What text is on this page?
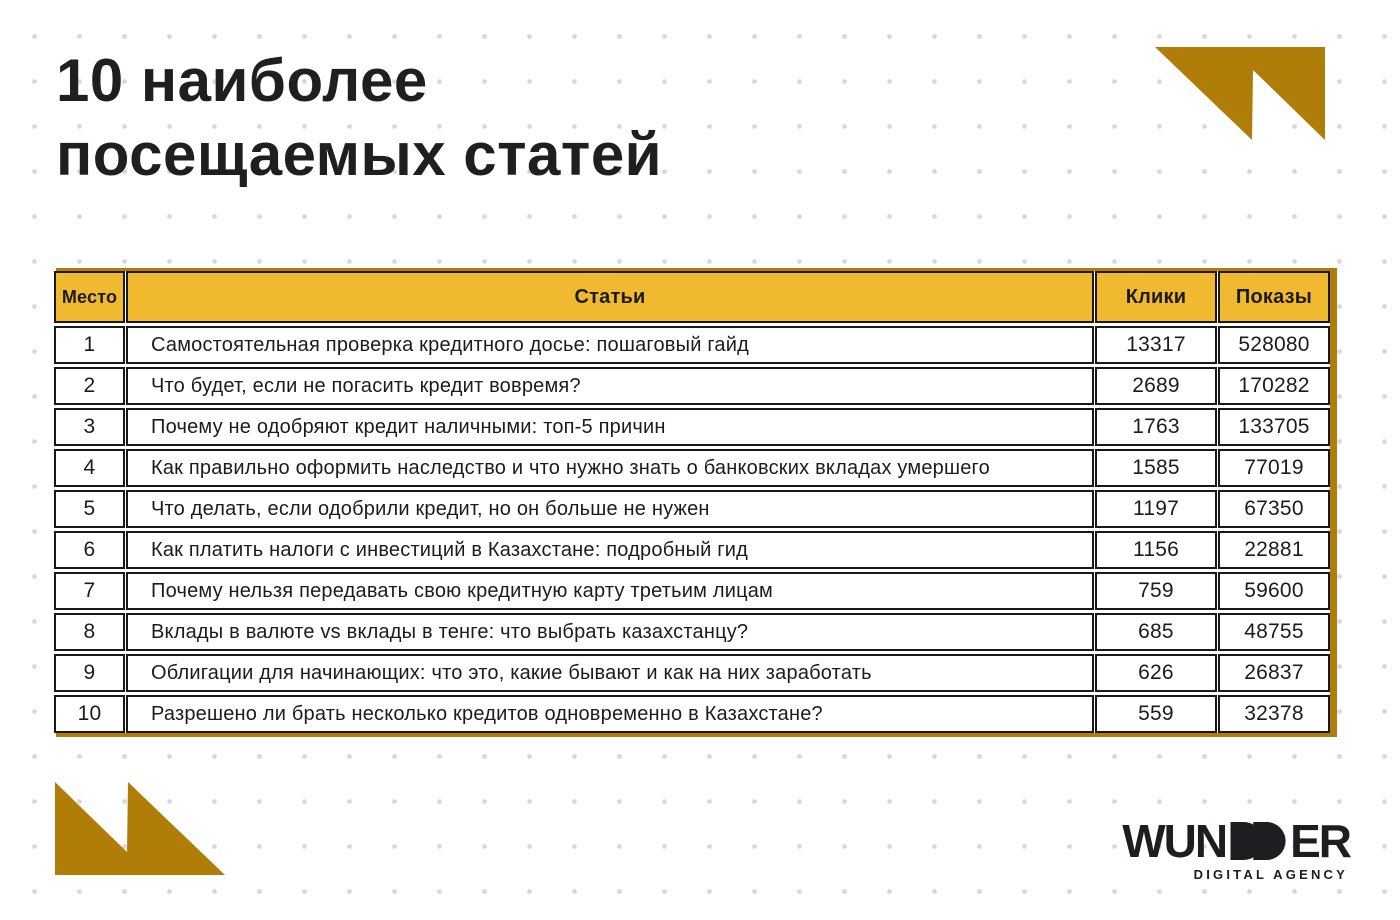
10 наиболее
посещаемых статей
Место	Статьи	Клики	Показы
1	Самостоятельная проверка кредитного досье: пошаговый гайд	13317	528080
2	Что будет, если не погасить кредит вовремя?	2689	170282
3	Почему не одобряют кредит наличными: топ-5 причин	1763	133705
4	Как правильно оформить наследство и что нужно знать о банковских вкладах умершего	1585	77019
5	Что делать, если одобрили кредит, но он больше не нужен	1197	67350
6	Как платить налоги с инвестиций в Казахстане: подробный гид	1156	22881
7	Почему нельзя передавать свою кредитную карту третьим лицам	759	59600
8	Вклады в валюте vs вклады в тенге: что выбрать казахстанцу?	685	48755
9	Облигации для начинающих: что это, какие бывают и как на них заработать	626	26837
10	Разрешено ли брать несколько кредитов одновременно в Казахстане?	559	32378
WUN ER
DIGITAL AGENCY
